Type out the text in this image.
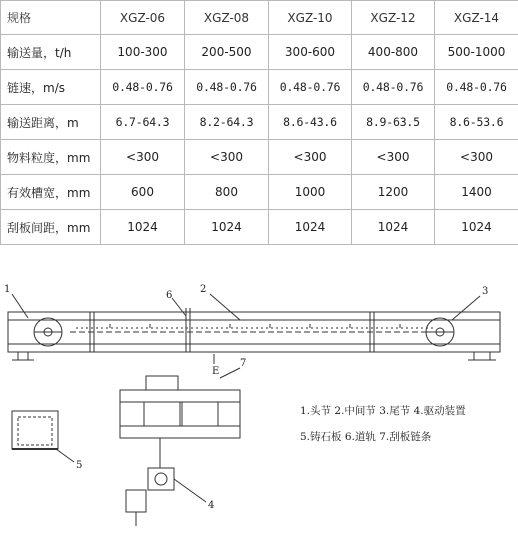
规格	XGZ-06	XGZ-08	XGZ-10	XGZ-12	XGZ-14
输送量，t/h	100-300	200-500	300-600	400-800	500-1000
链速，m/s	0.48-0.76	0.48-0.76	0.48-0.76	0.48-0.76	0.48-0.76
输送距离，m	6.7-64.3	8.2-64.3	8.6-43.6	8.9-63.5	8.6-53.6
物料粒度，mm	<300	<300	<300	<300	<300
有效槽宽，mm	600	800	1000	1200	1400
刮板间距，mm	1024	1024	1024	1024	1024
1	2	3
4
5
6
7
E
1.头节 2.中间节 3.尾节 4.驱动装置
5.铸石板 6.道轨 7.刮板链条
